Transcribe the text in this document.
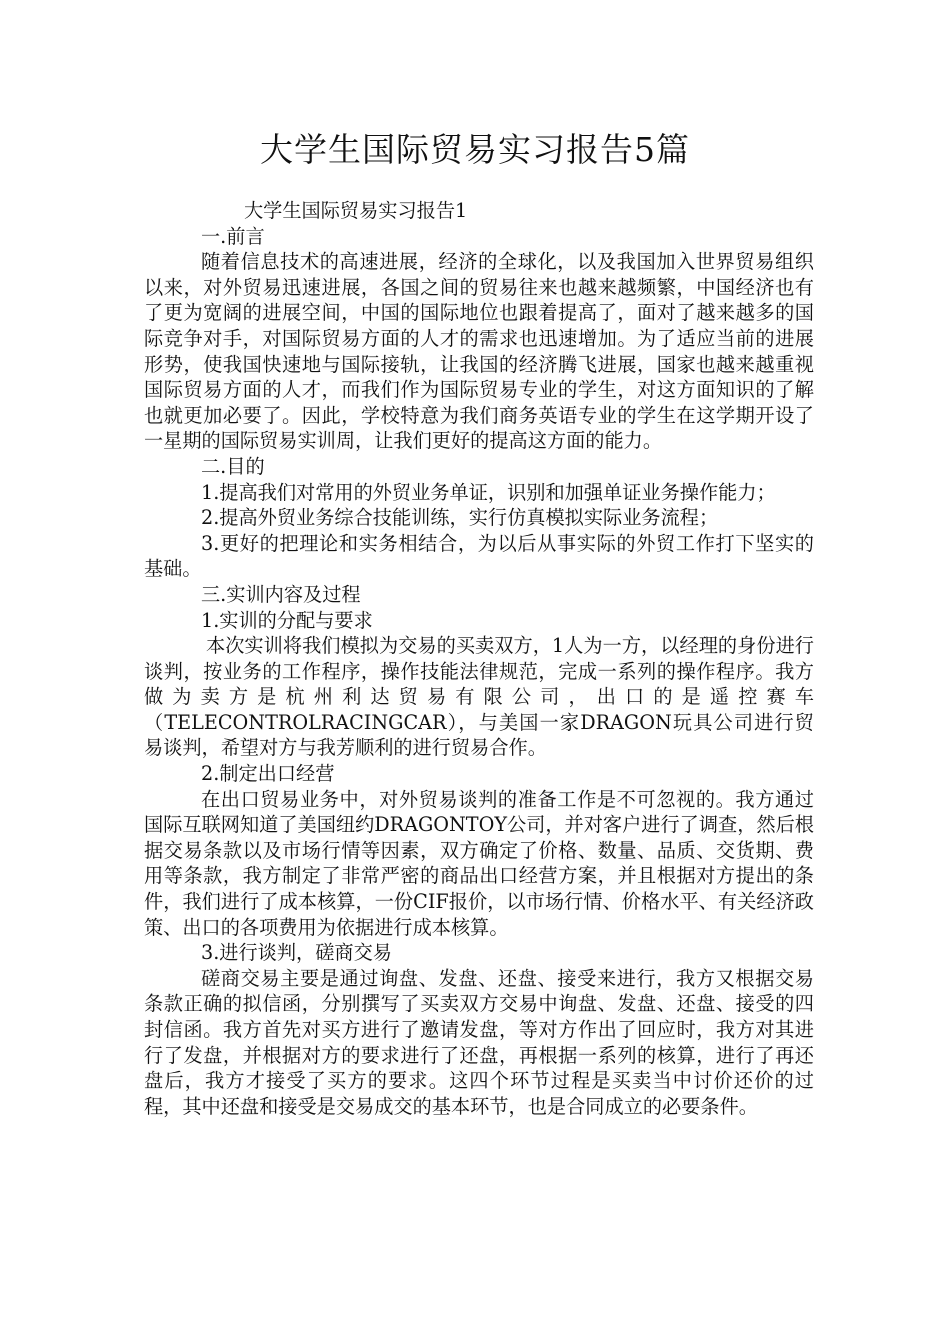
大学生国际贸易实习报告5篇

大学生国际贸易实习报告1

一.前言

随着信息技术的高速进展，经济的全球化，以及我国加入世界贸易组织以来，对外贸易迅速进展，各国之间的贸易往来也越来越频繁，中国经济也有了更为宽阔的进展空间，中国的国际地位也跟着提高了，面对了越来越多的国际竞争对手，对国际贸易方面的人才的需求也迅速增加。为了适应当前的进展形势，使我国快速地与国际接轨，让我国的经济腾飞进展，国家也越来越重视国际贸易方面的人才，而我们作为国际贸易专业的学生，对这方面知识的了解也就更加必要了。因此，学校特意为我们商务英语专业的学生在这学期开设了一星期的国际贸易实训周，让我们更好的提高这方面的能力。

二.目的

1.提高我们对常用的外贸业务单证，识别和加强单证业务操作能力；

2.提高外贸业务综合技能训练，实行仿真模拟实际业务流程；

3.更好的把理论和实务相结合，为以后从事实际的外贸工作打下坚实的基础。

三.实训内容及过程

1.实训的分配与要求

本次实训将我们模拟为交易的买卖双方，1人为一方，以经理的身份进行谈判，按业务的工作程序，操作技能法律规范，完成一系列的操作程序。我方做为卖方是杭州利达贸易有限公司，出口的是遥控赛车（TELECONTROLRACINGCAR），与美国一家DRAGON玩具公司进行贸易谈判，希望对方与我芳顺利的进行贸易合作。

2.制定出口经营

在出口贸易业务中，对外贸易谈判的准备工作是不可忽视的。我方通过国际互联网知道了美国纽约DRAGONTOY公司，并对客户进行了调查，然后根据交易条款以及市场行情等因素，双方确定了价格、数量、品质、交货期、费用等条款，我方制定了非常严密的商品出口经营方案，并且根据对方提出的条件，我们进行了成本核算，一份CIF报价，以市场行情、价格水平、有关经济政策、出口的各项费用为依据进行成本核算。

3.进行谈判，磋商交易

磋商交易主要是通过询盘、发盘、还盘、接受来进行，我方又根据交易条款正确的拟信函，分别撰写了买卖双方交易中询盘、发盘、还盘、接受的四封信函。我方首先对买方进行了邀请发盘，等对方作出了回应时，我方对其进行了发盘，并根据对方的要求进行了还盘，再根据一系列的核算，进行了再还盘后，我方才接受了买方的要求。这四个环节过程是买卖当中讨价还价的过程，其中还盘和接受是交易成交的基本环节，也是合同成立的必要条件。
